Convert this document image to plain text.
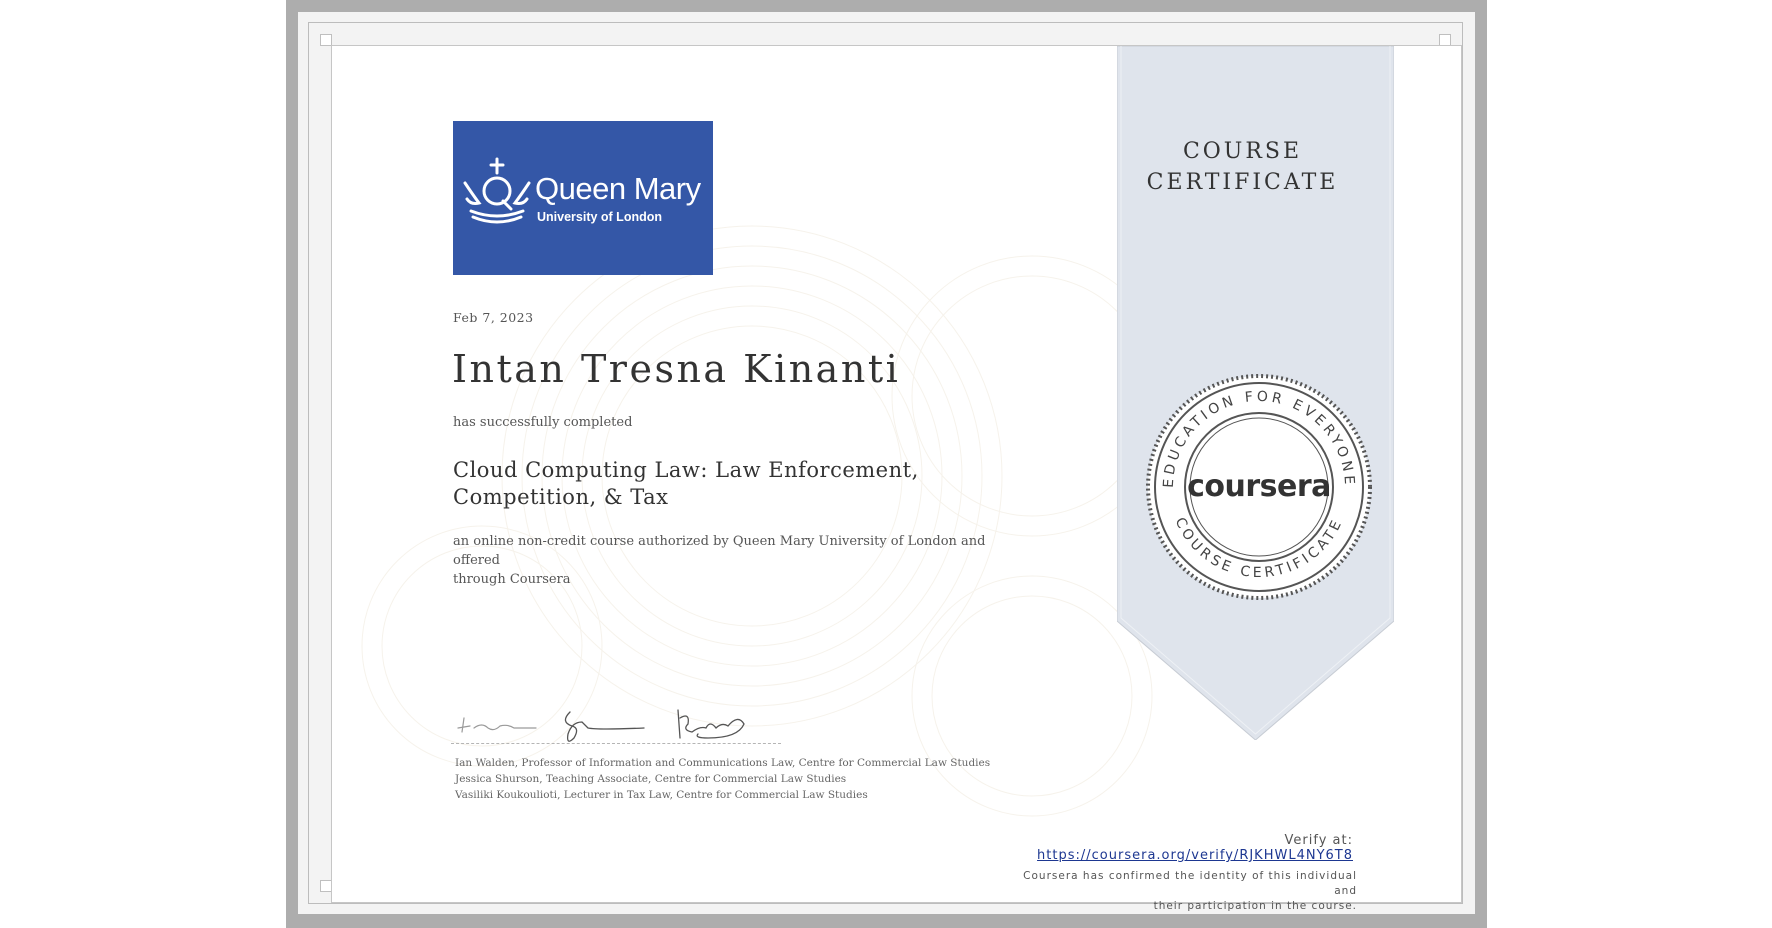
Queen Mary
University of London
Feb 7, 2023
Intan Tresna Kinanti
has successfully completed
Cloud Computing Law: Law Enforcement,
Competition, & Tax
an online non-credit course authorized by Queen Mary University of London and offered
through Coursera
Ian Walden, Professor of Information and Communications Law, Centre for Commercial Law Studies
Jessica Shurson, Teaching Associate, Centre for Commercial Law Studies
Vasiliki Koukoulioti, Lecturer in Tax Law, Centre for Commercial Law Studies
COURSE
CERTIFICATE
EDUCATION FOR EVERYONE
COURSE CERTIFICATE
coursera
Verify at:
https://coursera.org/verify/RJKHWL4NY6T8
Coursera has confirmed the identity of this individual and
their participation in the course.
